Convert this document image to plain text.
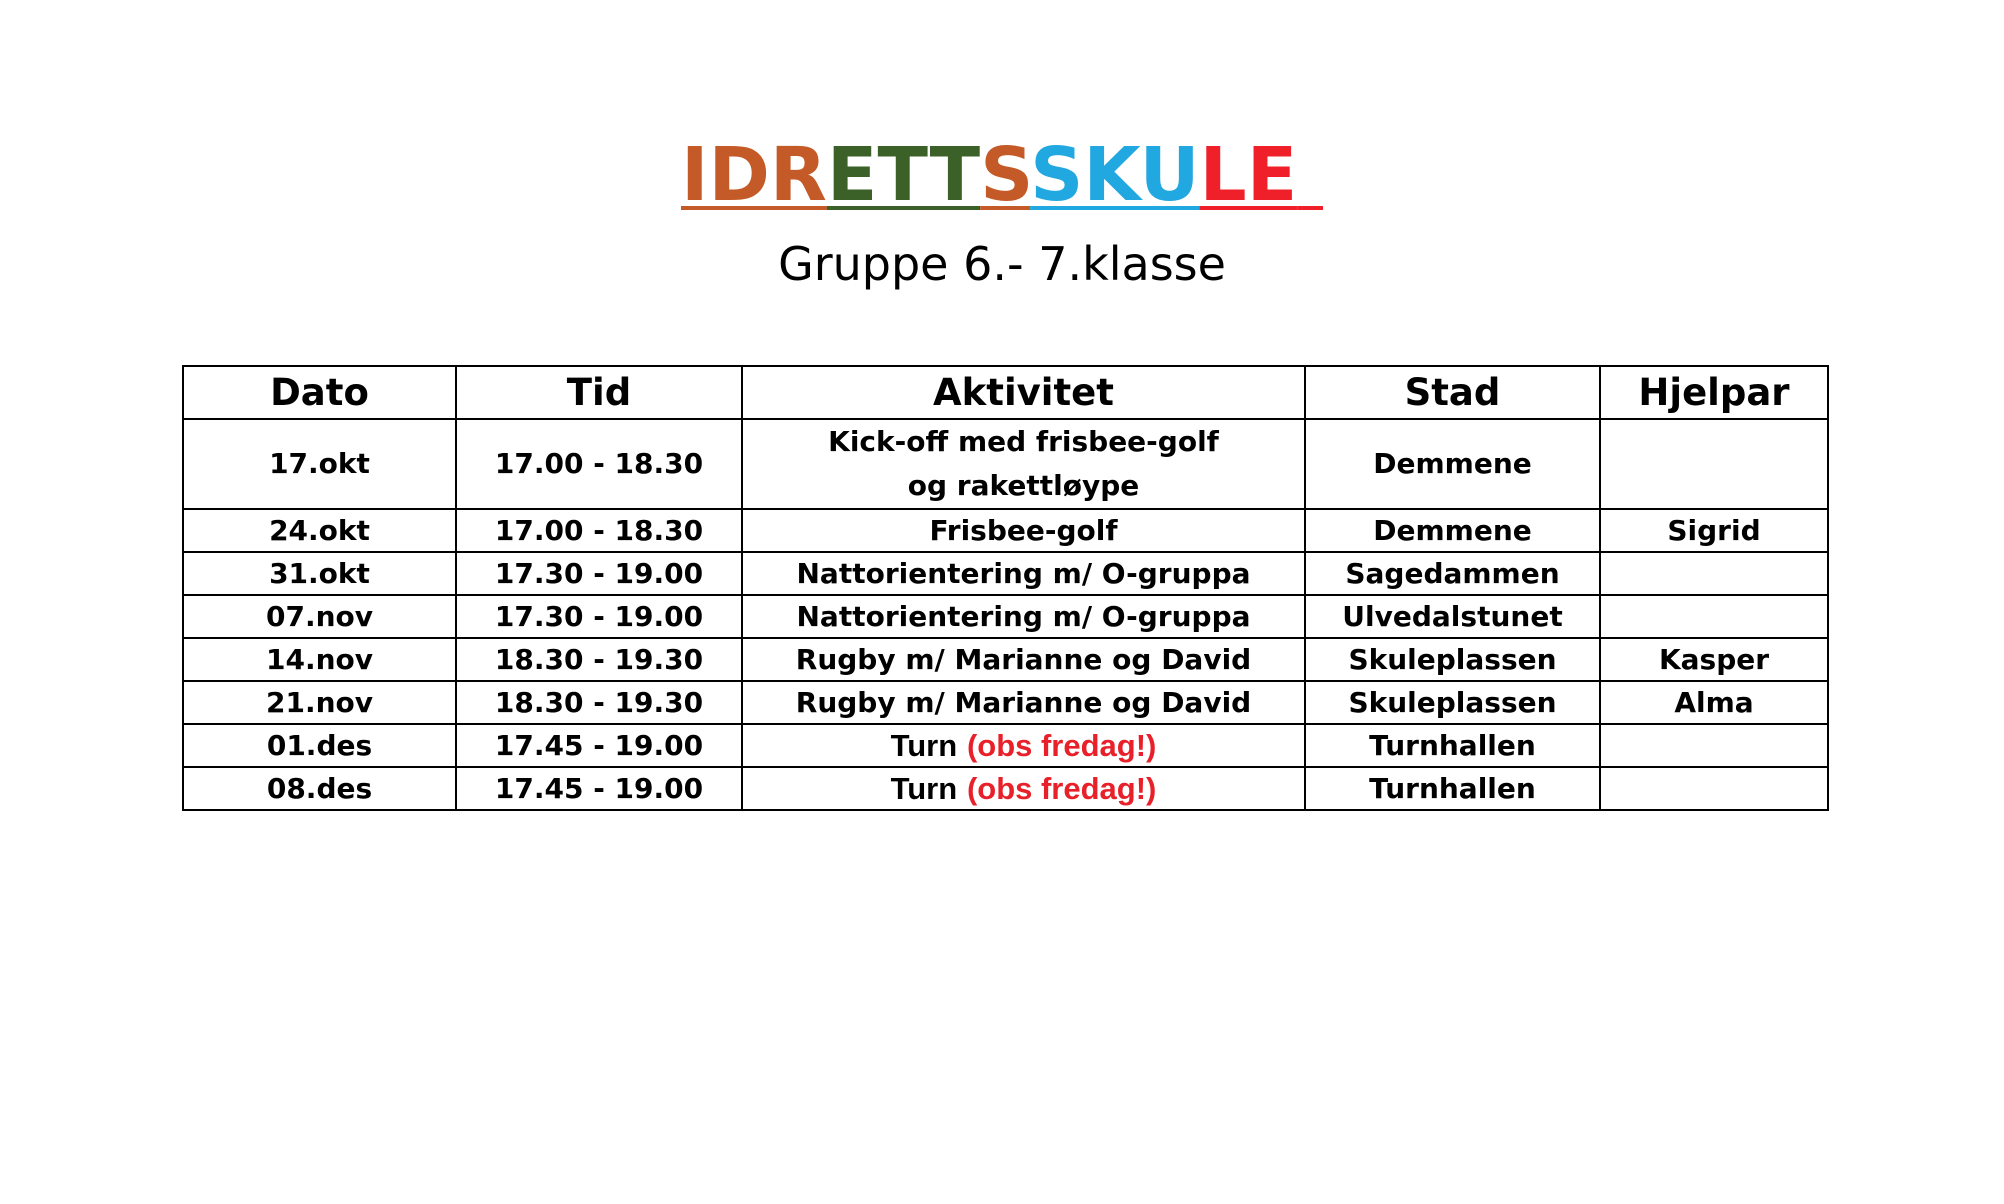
IDRETTSSKULE
Gruppe 6.- 7.klasse
Dato	Tid	Aktivitet	Stad	Hjelpar
17.okt	17.00 - 18.30	Kick-off med frisbee-golf og rakettløype	Demmene	
24.okt	17.00 - 18.30	Frisbee-golf	Demmene	Sigrid
31.okt	17.30 - 19.00	Nattorientering m/ O-gruppa	Sagedammen	
07.nov	17.30 - 19.00	Nattorientering m/ O-gruppa	Ulvedalstunet	
14.nov	18.30 - 19.30	Rugby m/ Marianne og David	Skuleplassen	Kasper
21.nov	18.30 - 19.30	Rugby m/ Marianne og David	Skuleplassen	Alma
01.des	17.45 - 19.00	Turn (obs fredag!)	Turnhallen	
08.des	17.45 - 19.00	Turn (obs fredag!)	Turnhallen	
